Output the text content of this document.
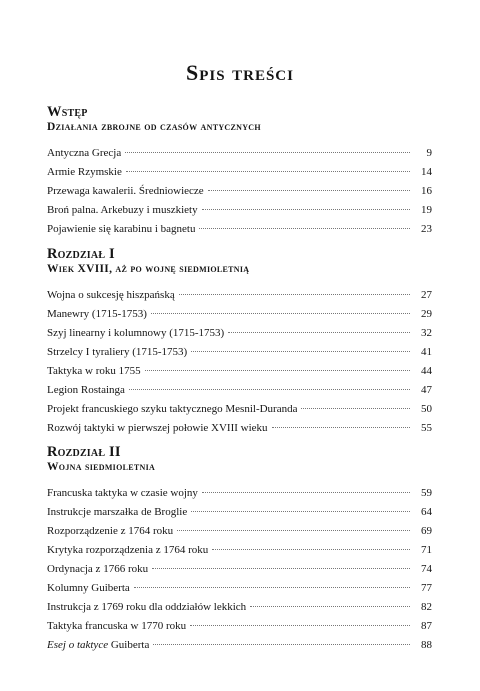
Spis treści
Wstęp
Działania zbrojne od czasów antycznych
Antyczna Grecja	9
Armie Rzymskie	14
Przewaga kawalerii. Średniowiecze	16
Broń palna. Arkebuzy i muszkiety	19
Pojawienie się karabinu i bagnetu	23
Rozdział I
Wiek XVIII, aż po wojnę siedmioletnią
Wojna o sukcesję hiszpańską	27
Manewry (1715-1753)	29
Szyj linearny i kolumnowy (1715-1753)	32
Strzelcy I tyraliery (1715-1753)	41
Taktyka w roku 1755	44
Legion Rostainga	47
Projekt francuskiego szyku taktycznego Mesnil-Duranda	50
Rozwój taktyki w pierwszej połowie XVIII wieku	55
Rozdział II
Wojna siedmioletnia
Francuska taktyka w czasie wojny	59
Instrukcje marszałka de Broglie	64
Rozporządzenie z 1764 roku	69
Krytyka rozporządzenia z 1764 roku	71
Ordynacja z 1766 roku	74
Kolumny Guiberta	77
Instrukcja z 1769 roku dla oddziałów lekkich	82
Taktyka francuska w 1770 roku	87
Esej o taktyce Guiberta	88
